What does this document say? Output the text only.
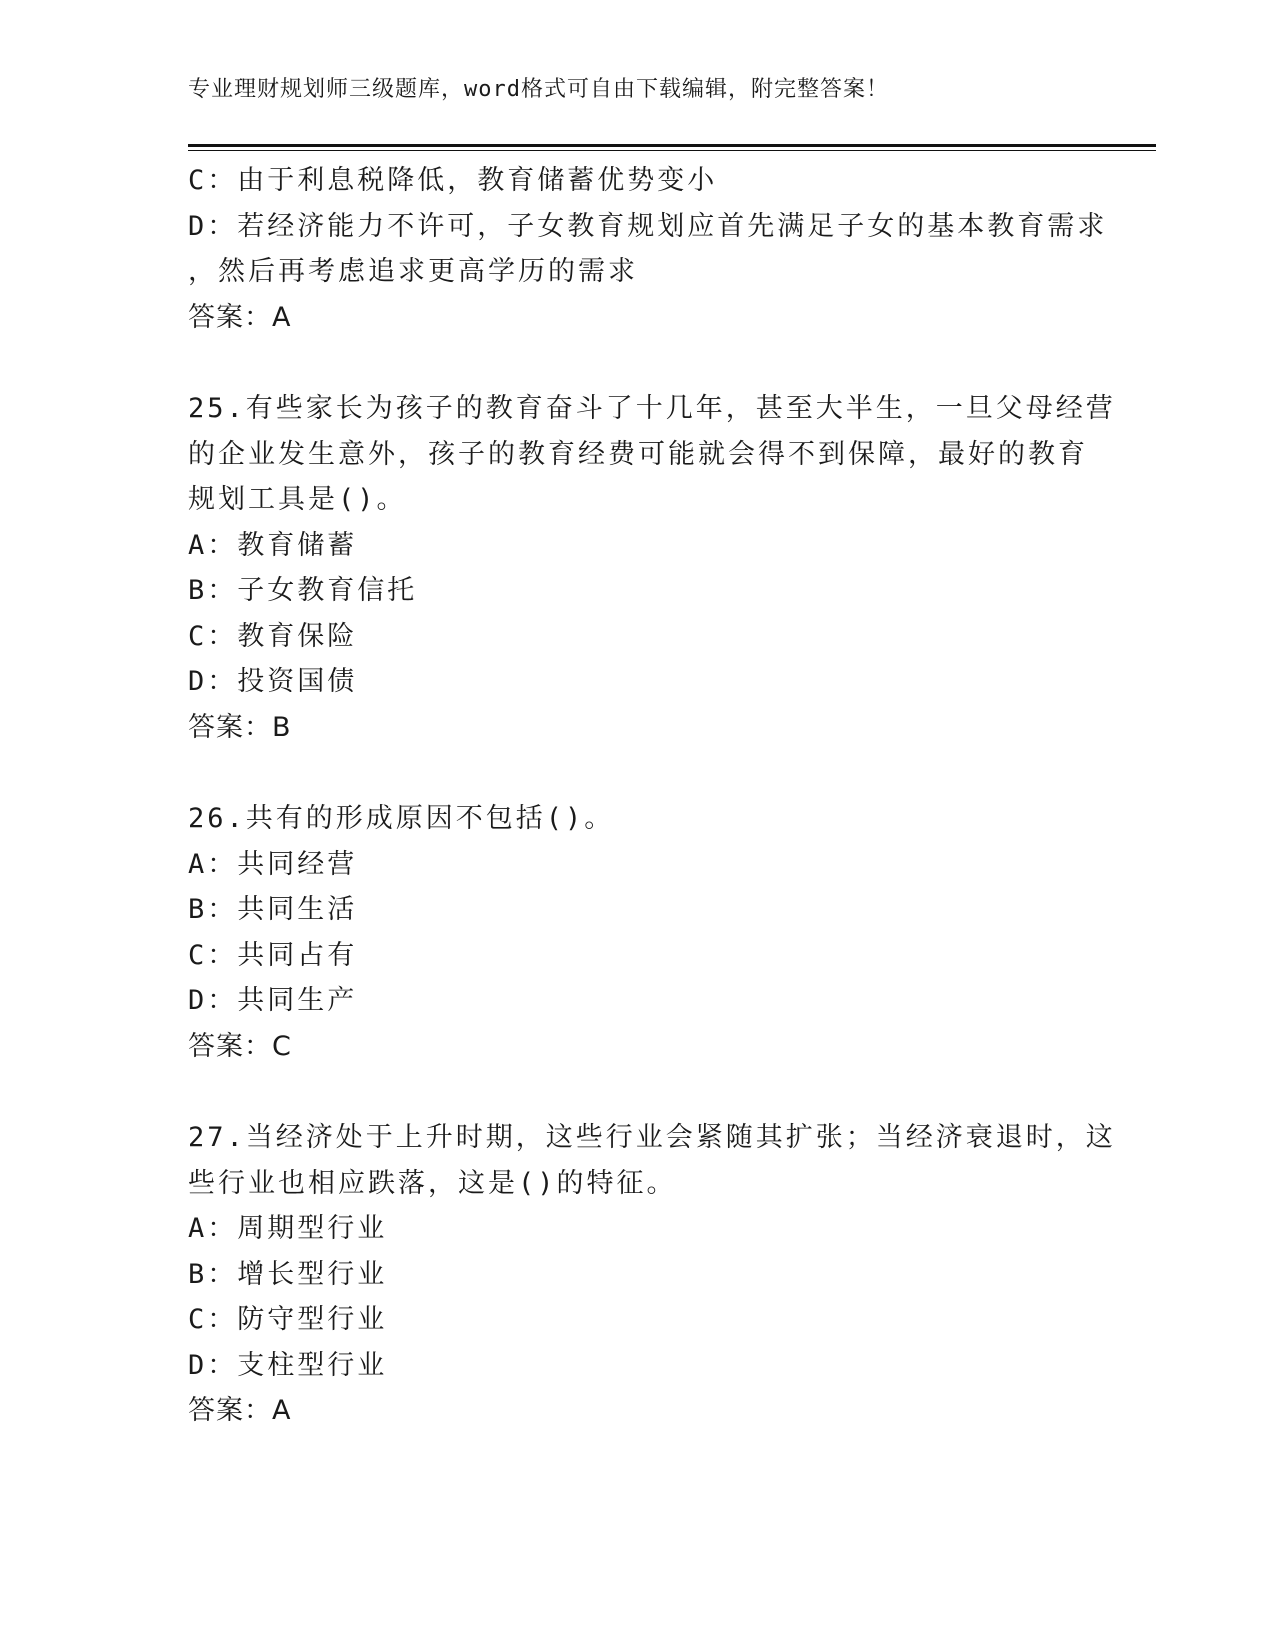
专业理财规划师三级题库，word格式可自由下载编辑，附完整答案！
C：由于利息税降低，教育储蓄优势变小
D：若经济能力不许可，子女教育规划应首先满足子女的基本教育需求
，然后再考虑追求更高学历的需求
答案：A
25.有些家长为孩子的教育奋斗了十几年，甚至大半生，一旦父母经营
的企业发生意外，孩子的教育经费可能就会得不到保障，最好的教育
规划工具是()。
A：教育储蓄
B：子女教育信托
C：教育保险
D：投资国债
答案：B
26.共有的形成原因不包括()。
A：共同经营
B：共同生活
C：共同占有
D：共同生产
答案：C
27.当经济处于上升时期，这些行业会紧随其扩张；当经济衰退时，这
些行业也相应跌落，这是()的特征。
A：周期型行业
B：增长型行业
C：防守型行业
D：支柱型行业
答案：A
